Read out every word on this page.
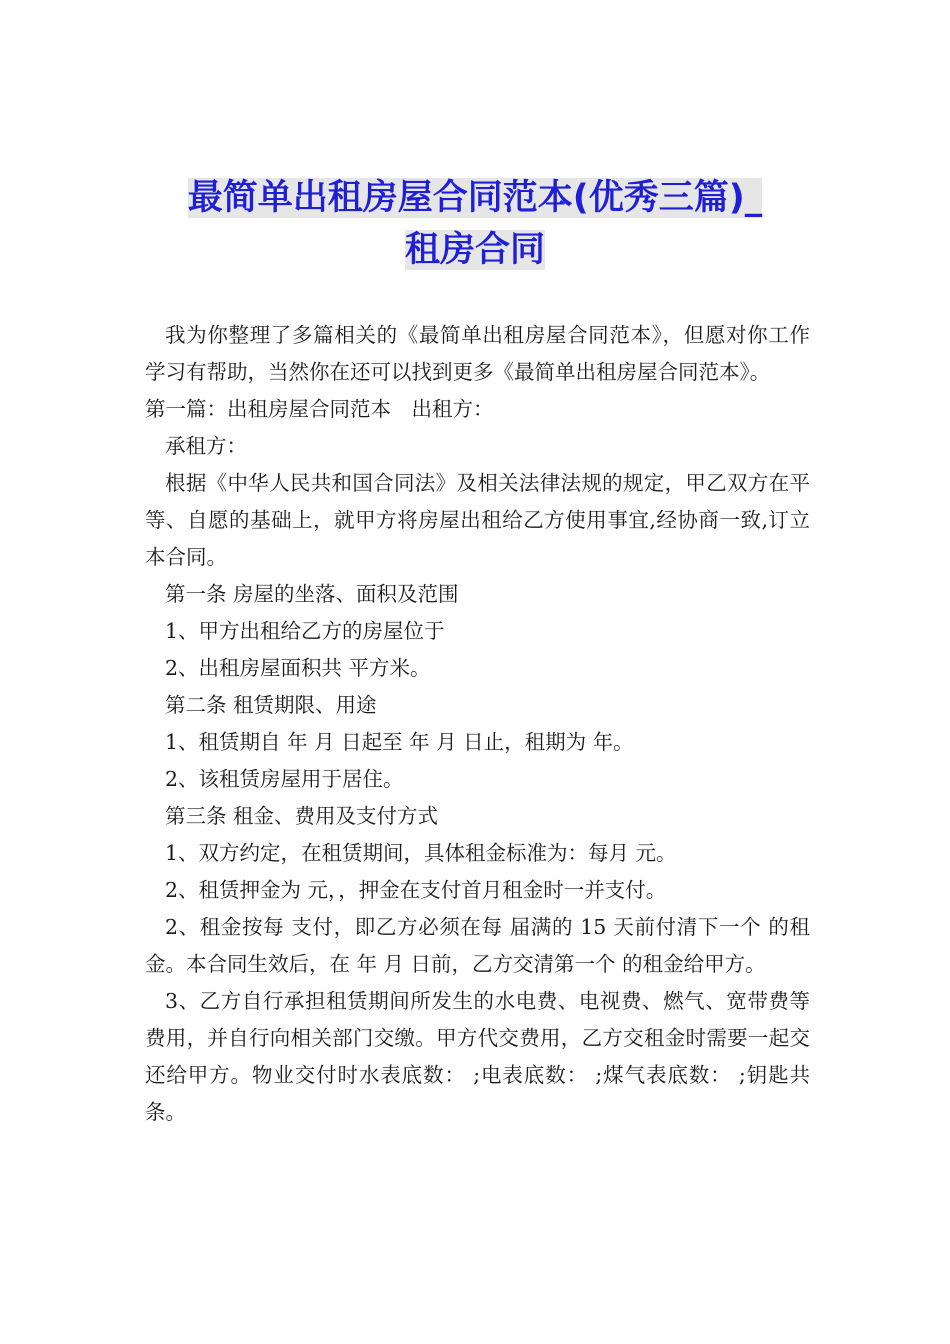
最简单出租房屋合同范本(优秀三篇)_
租房合同

我为你整理了多篇相关的《最简单出租房屋合同范本》，但愿对你工作学习有帮助，当然你在还可以找到更多《最简单出租房屋合同范本》。

第一篇：出租房屋合同范本　出租方：

承租方：

根据《中华人民共和国合同法》及相关法律法规的规定，甲乙双方在平等、自愿的基础上，就甲方将房屋出租给乙方使用事宜,经协商一致,订立本合同。

第一条 房屋的坐落、面积及范围

1、甲方出租给乙方的房屋位于

2、出租房屋面积共 平方米。

第二条 租赁期限、用途

1、租赁期自 年 月 日起至 年 月 日止，租期为 年。

2、该租赁房屋用于居住。

第三条 租金、费用及支付方式

1、双方约定，在租赁期间，具体租金标准为：每月 元。

2、租赁押金为 元，，押金在支付首月租金时一并支付。

2、租金按每 支付，即乙方必须在每 届满的 15 天前付清下一个 的租金。本合同生效后，在 年 月 日前，乙方交清第一个 的租金给甲方。

3、乙方自行承担租赁期间所发生的水电费、电视费、燃气、宽带费等费用，并自行向相关部门交缴。甲方代交费用，乙方交租金时需要一起交还给甲方。物业交付时水表底数： ;电表底数： ;煤气表底数： ;钥匙共 条。
